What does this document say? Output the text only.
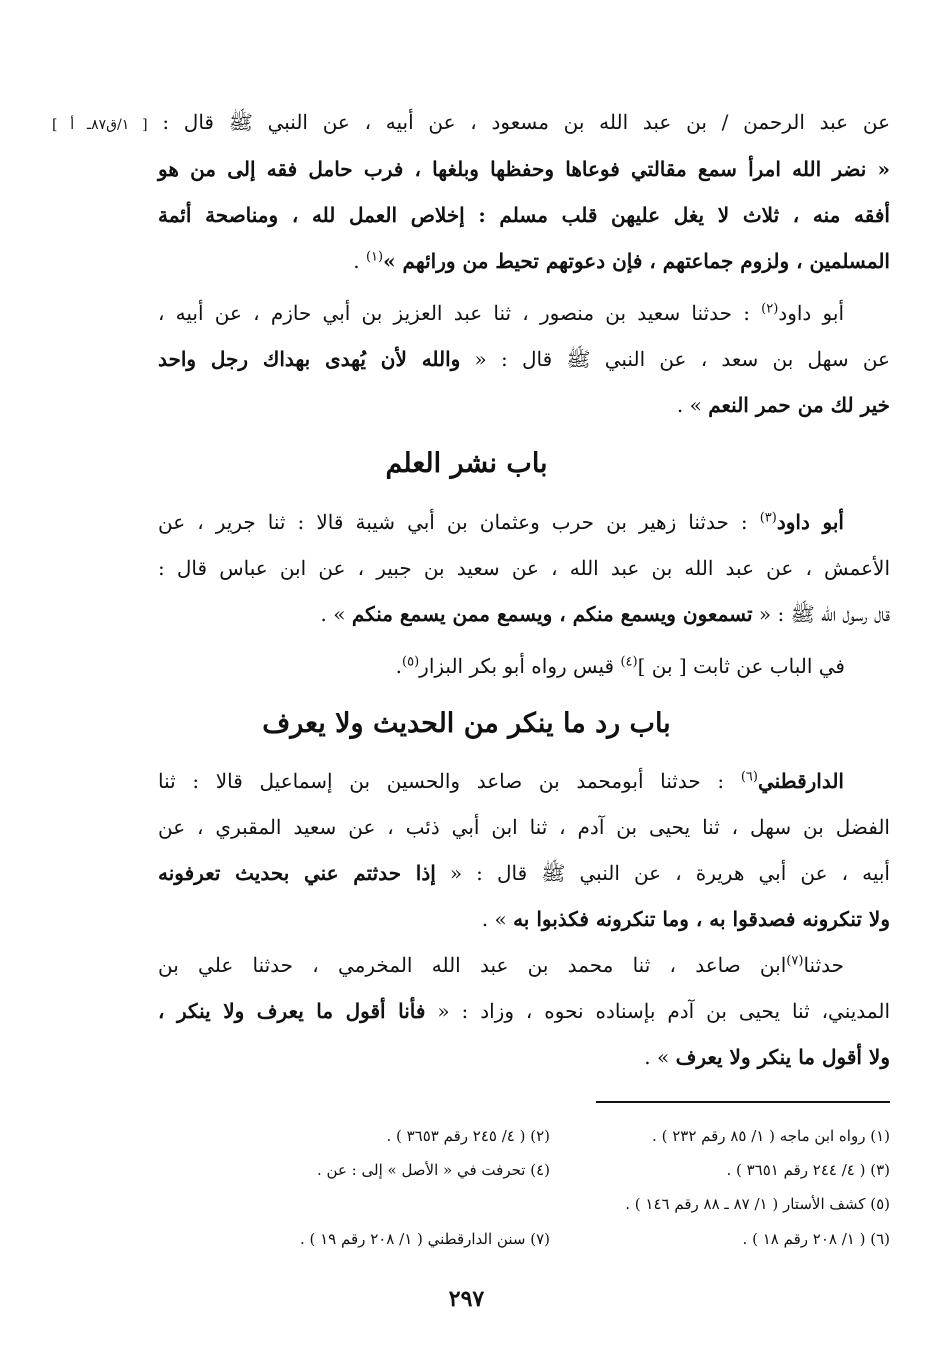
عن عبد الرحمن / بن عبد الله بن مسعود ، عن أبيه ، عن النبي ﷺ قال : [ ١/ق٨٧ـ أ ]
« نضر الله امرأ سمع مقالتي فوعاها وحفظها وبلغها ، فرب حامل فقه إلى من هو
أفقه منه ، ثلاث لا يغل عليهن قلب مسلم : إخلاص العمل لله ، ومناصحة أئمة
المسلمين ، ولزوم جماعتهم ، فإن دعوتهم تحيط من ورائهم »$^{(١)}$ .
أبو داود$^{(٢)}$ : حدثنا سعيد بن منصور ، ثنا عبد العزيز بن أبي حازم ، عن أبيه ،
عن سهل بن سعد ، عن النبي ﷺ قال : « والله لأن يُهدى بهداك رجل واحد
خير لك من حمر النعم » .
باب نشر العلم
أبو داود$^{(٣)}$ : حدثنا زهير بن حرب وعثمان بن أبي شيبة قالا : ثنا جرير ، عن
الأعمش ، عن عبد الله بن عبد الله ، عن سعيد بن جبير ، عن ابن عباس قال :
قال رسول الله ﷺ : « تسمعون ويسمع منكم ، ويسمع ممن يسمع منكم » .
في الباب عن ثابت [ بن ]$^{(٤)}$ قيس رواه أبو بكر البزار$^{(٥)}$.
باب رد ما ينكر من الحديث ولا يعرف
الدارقطني$^{(٦)}$ : حدثنا أبومحمد بن صاعد والحسين بن إسماعيل قالا : ثنا
الفضل بن سهل ، ثنا يحيى بن آدم ، ثنا ابن أبي ذئب ، عن سعيد المقبري ، عن
أبيه ، عن أبي هريرة ، عن النبي ﷺ قال : « إذا حدثتم عني بحديث تعرفونه
ولا تنكرونه فصدقوا به ، وما تنكرونه فكذبوا به » .
حدثنا$^{(٧)}$ابن صاعد ، ثنا محمد بن عبد الله المخرمي ، حدثنا علي بن
المديني، ثنا يحيى بن آدم بإسناده نحوه ، وزاد : « فأنا أقول ما يعرف ولا ينكر ،
ولا أقول ما ينكر ولا يعرف » .
(١) رواه ابن ماجه ( ١/ ٨٥ رقم ٢٣٢ ) .
(٢) ( ٤/ ٢٤٥ رقم ٣٦٥٣ ) .
(٣) ( ٤/ ٢٤٤ رقم ٣٦٥١ ) .
(٤) تحرفت في « الأصل » إلى : عن .
(٥) كشف الأستار ( ١/ ٨٧ ـ ٨٨ رقم ١٤٦ ) .
(٦) ( ١/ ٢٠٨ رقم ١٨ ) .
(٧) سنن الدارقطني ( ١/ ٢٠٨ رقم ١٩ ) .
٢٩٧
